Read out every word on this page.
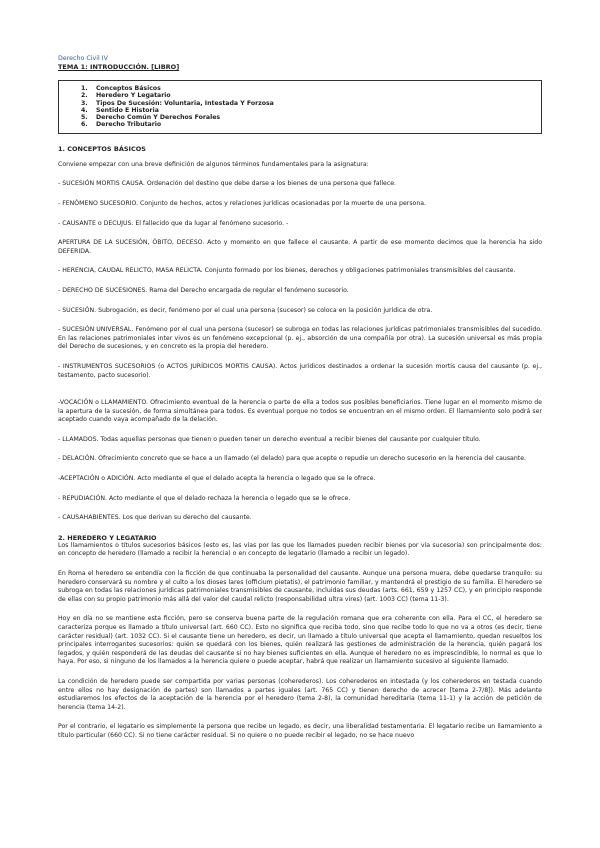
Derecho Civil IV
TEMA 1: INTRODUCCIÓN. [LIBRO]
1.	Conceptos Básicos
2.	Heredero Y Legatario
3.	Tipos De Sucesión: Voluntaria, Intestada Y Forzosa
4.	Sentido E Historia
5.	Derecho Común Y Derechos Forales
6.	Derecho Tributario
1. CONCEPTOS BÁSICOS

Conviene empezar con una breve definición de algunos términos fundamentales para la asignatura:

- SUCESIÓN MORTIS CAUSA. Ordenación del destino que debe darse a los bienes de una persona que fallece.

- FENÓMENO SUCESORIO. Conjunto de hechos, actos y relaciones jurídicas ocasionadas por la muerte de una persona.

- CAUSANTE o DECUJUS. El fallecido que da lugar al fenómeno sucesorio. -

APERTURA DE LA SUCESIÓN, ÓBITO, DECESO. Acto y momento en que fallece el causante. A partir de ese momento decimos que la herencia ha sido DEFERIDA.

- HERENCIA, CAUDAL RELICTO, MASA RELICTA. Conjunto formado por los bienes, derechos y obligaciones patrimoniales transmisibles del causante.

- DERECHO DE SUCESIONES. Rama del Derecho encargada de regular el fenómeno sucesorio.

- SUCESIÓN. Subrogación, es decir, fenómeno por el cual una persona (sucesor) se coloca en la posición jurídica de otra.

- SUCESIÓN UNIVERSAL. Fenómeno por el cual una persona (sucesor) se subroga en todas las relaciones jurídicas patrimoniales transmisibles del sucedido. En las relaciones patrimoniales inter vivos es un fenómeno excepcional (p. ej., absorción de una compañía por otra). La sucesión universal es más propia del Derecho de sucesiones, y en concreto es la propia del heredero.

- INSTRUMENTOS SUCESORIOS (o ACTOS JURÍDICOS MORTIS CAUSA). Actos jurídicos destinados a ordenar la sucesión mortis causa del causante (p. ej., testamento, pacto sucesorio).

-VOCACIÓN o LLAMAMIENTO. Ofrecimiento eventual de la herencia o parte de ella a todos sus posibles beneficiarios. Tiene lugar en el momento mismo de la apertura de la sucesión, de forma simultánea para todos. Es eventual porque no todos se encuentran en el mismo orden. El llamamiento solo podrá ser aceptado cuando vaya acompañado de la delación.

- LLAMADOS. Todas aquellas personas que tienen o pueden tener un derecho eventual a recibir bienes del causante por cualquier título.

- DELACIÓN. Ofrecimiento concreto que se hace a un llamado (el delado) para que acepte o repudie un derecho sucesorio en la herencia del causante.

-ACEPTACIÓN o ADICIÓN. Acto mediante el que el delado acepta la herencia o legado que se le ofrece.

- REPUDIACIÓN. Acto mediante el que el delado rechaza la herencia o legado que se le ofrece.

- CAUSAHABIENTES. Los que derivan su derecho del causante.

2. HEREDERO Y LEGATARIO

Los llamamientos o títulos sucesorios básicos (esto es, las vías por las que los llamados pueden recibir bienes por vía sucesoria) son principalmente dos: en concepto de heredero (llamado a recibir la herencia) o en concepto de legatario (llamado a recibir un legado).

En Roma el heredero se entendía con la ficción de que continuaba la personalidad del causante. Aunque una persona muera, debe quedarse tranquilo: su heredero conservará su nombre y el culto a los dioses lares (officium pietatis), el patrimonio familiar, y mantendrá el prestigio de su familia. El heredero se subroga en todas las relaciones jurídicas patrimoniales transmisibles de causante, incluidas sus deudas (arts. 661, 659 y 1257 CC), y en principio responde de ellas con su propio patrimonio más allá del valor del caudal relicto (responsabilidad ultra vires) (art. 1003 CC) (tema 11-3).

Hoy en día no se mantiene esta ficción, pero se conserva buena parte de la regulación romana que era coherente con ella. Para el CC, el heredero se caracteriza porque es llamado a título universal (art. 660 CC). Esto no significa que reciba todo, sino que recibe todo lo que no va a otros (es decir, tiene carácter residual) (art. 1032 CC). Si el causante tiene un heredero, es decir, un llamado a título universal que acepta el llamamiento, quedan resueltos los principales interrogantes sucesorios: quién se quedará con los bienes, quién realizará las gestiones de administración de la herencia, quién pagará los legados, y quién responderá de las deudas del causante si no hay bienes suficientes en ella. Aunque el heredero no es imprescindible, lo normal es que lo haya. Por eso, si ninguno de los llamados a la herencia quiere o puede aceptar, habrá que realizar un llamamiento sucesivo al siguiente llamado.

La condición de heredero puede ser compartida por varias personas (coherederos). Los coherederos en intestada (y los coherederos en testada cuando entre ellos no hay designación de partes) son llamados a partes iguales (art. 765 CC) y tienen derecho de acrecer [tema 2-7/8]). Más adelante estudiaremos los efectos de la aceptación de la herencia por el heredero (tema 2-8), la comunidad hereditaria (tema 11-1) y la acción de petición de herencia (tema 14-2).

Por el contrario, el legatario es simplemente la persona que recibe un legado, es decir, una liberalidad testamentaria. El legatario recibe un llamamiento a título particular (660 CC). Si no tiene carácter residual. Si no quiere o no puede recibir el legado, no se hace nuevo
